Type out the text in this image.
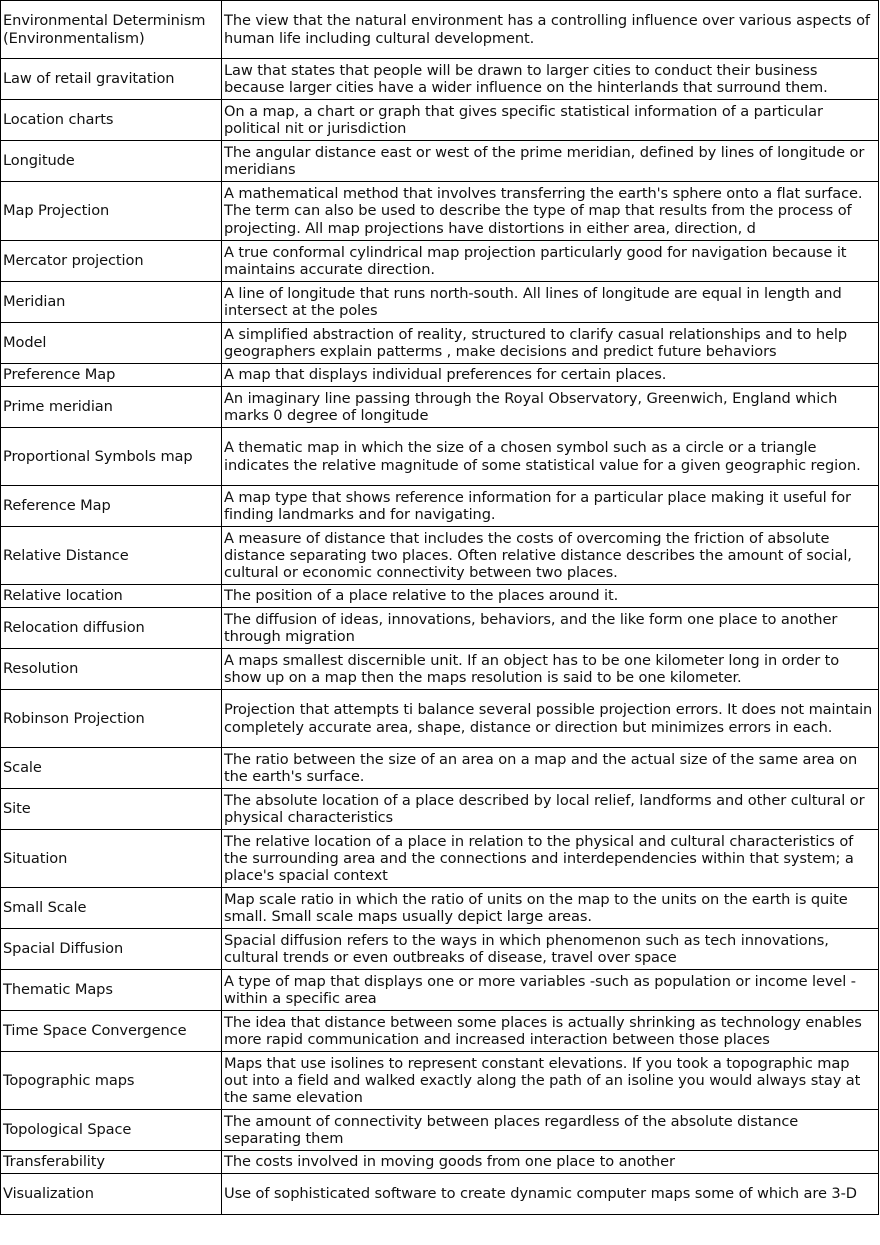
Environmental Determinism (Environmentalism)	The view that the natural environment has a controlling influence over various aspects of human life including cultural development.
Law of retail gravitation	Law that states that people will be drawn to larger cities to conduct their business because larger cities have a wider influence on the hinterlands that surround them.
Location charts	On a map, a chart or graph that gives specific statistical information of a particular political nit or jurisdiction
Longitude	The angular distance east or west of the prime meridian, defined by lines of longitude or meridians
Map Projection	A mathematical method that involves transferring the earth's sphere onto a flat surface. The term can also be used to describe the type of map that results from the process of projecting. All map projections have distortions in either area, direction, d
Mercator projection	A true conformal cylindrical map projection particularly good for navigation because it maintains accurate direction.
Meridian	A line of longitude that runs north-south. All lines of longitude are equal in length and intersect at the poles
Model	A simplified abstraction of reality, structured to clarify casual relationships and to help geographers explain patterms , make decisions and predict future behaviors
Preference Map	A map that displays individual preferences for certain places.
Prime meridian	An imaginary line passing through the Royal Observatory, Greenwich, England which marks 0 degree of longitude
Proportional Symbols map	A thematic map in which the size of a chosen symbol such as a circle or a triangle indicates the relative magnitude of some statistical value for a given geographic region.
Reference Map	A map type that shows reference information for a particular place making it useful for finding landmarks and for navigating.
Relative Distance	A measure of distance that includes the costs of overcoming the friction of absolute distance separating two places. Often relative distance describes the amount of social, cultural or economic connectivity between two places.
Relative location	The position of a place relative to the places around it.
Relocation diffusion	The diffusion of ideas, innovations, behaviors, and the like form one place to another through migration
Resolution	A maps smallest discernible unit. If an object has to be one kilometer long in order to show up on a map then the maps resolution is said to be one kilometer.
Robinson Projection	Projection that attempts ti balance several possible projection errors. It does not maintain completely accurate area, shape, distance or direction but minimizes errors in each.
Scale	The ratio between the size of an area on a map and the actual size of the same area on the earth's surface.
Site	The absolute location of a place described by local relief, landforms and other cultural or physical characteristics
Situation	The relative location of a place in relation to the physical and cultural characteristics of the surrounding area and the connections and interdependencies within that system; a place's spacial context
Small Scale	Map scale ratio in which the ratio of units on the map to the units on the earth is quite small. Small scale maps usually depict large areas.
Spacial Diffusion	Spacial diffusion refers to the ways in which phenomenon such as tech innovations, cultural trends or even outbreaks of disease, travel over space
Thematic Maps	A type of map that displays one or more variables -such as population or income level - within a specific area
Time Space Convergence	The idea that distance between some places is actually shrinking as technology enables more rapid communication and increased interaction between those places
Topographic maps	Maps that use isolines to represent constant elevations. If you took a topographic map out into a field and walked exactly along the path of an isoline you would always stay at the same elevation
Topological Space	The amount of connectivity between places regardless of the absolute distance separating them
Transferability	The costs involved in moving goods from one place to another
Visualization	Use of sophisticated software to create dynamic computer maps some of which are 3-D
